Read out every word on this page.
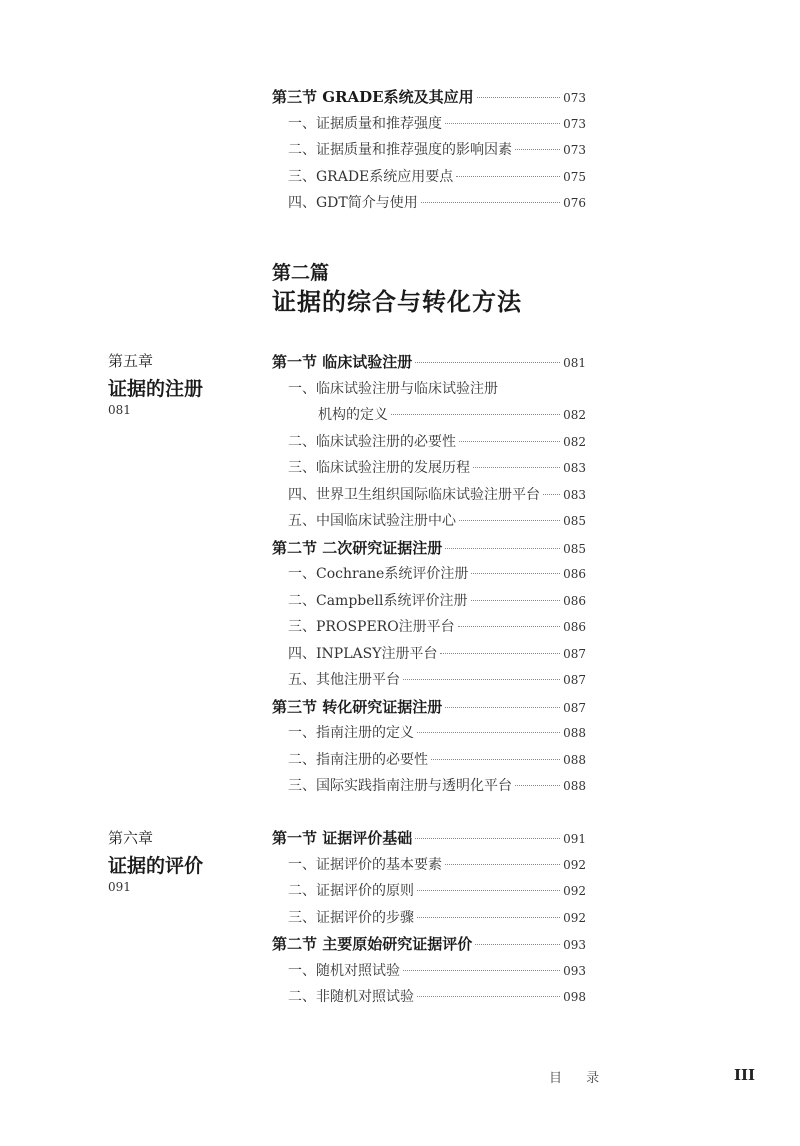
第三节 GRADE系统及其应用	073
一、证据质量和推荐强度	073
二、证据质量和推荐强度的影响因素	073
三、GRADE系统应用要点	075
四、GDT简介与使用	076
第二篇
证据的综合与转化方法
第五章
证据的注册
081
第一节 临床试验注册	081
一、临床试验注册与临床试验注册
机构的定义	082
二、临床试验注册的必要性	082
三、临床试验注册的发展历程	083
四、世界卫生组织国际临床试验注册平台 083
五、中国临床试验注册中心	085
第二节 二次研究证据注册	085
一、Cochrane系统评价注册	086
二、Campbell系统评价注册	086
三、PROSPERO注册平台	086
四、INPLASY注册平台	087
五、其他注册平台	087
第三节 转化研究证据注册	087
一、指南注册的定义	088
二、指南注册的必要性	088
三、国际实践指南注册与透明化平台	088
第六章
证据的评价
091
第一节 证据评价基础	091
一、证据评价的基本要素	092
二、证据评价的原则	092
三、证据评价的步骤	092
第二节 主要原始研究证据评价	093
一、随机对照试验	093
二、非随机对照试验	098
目 录	III
